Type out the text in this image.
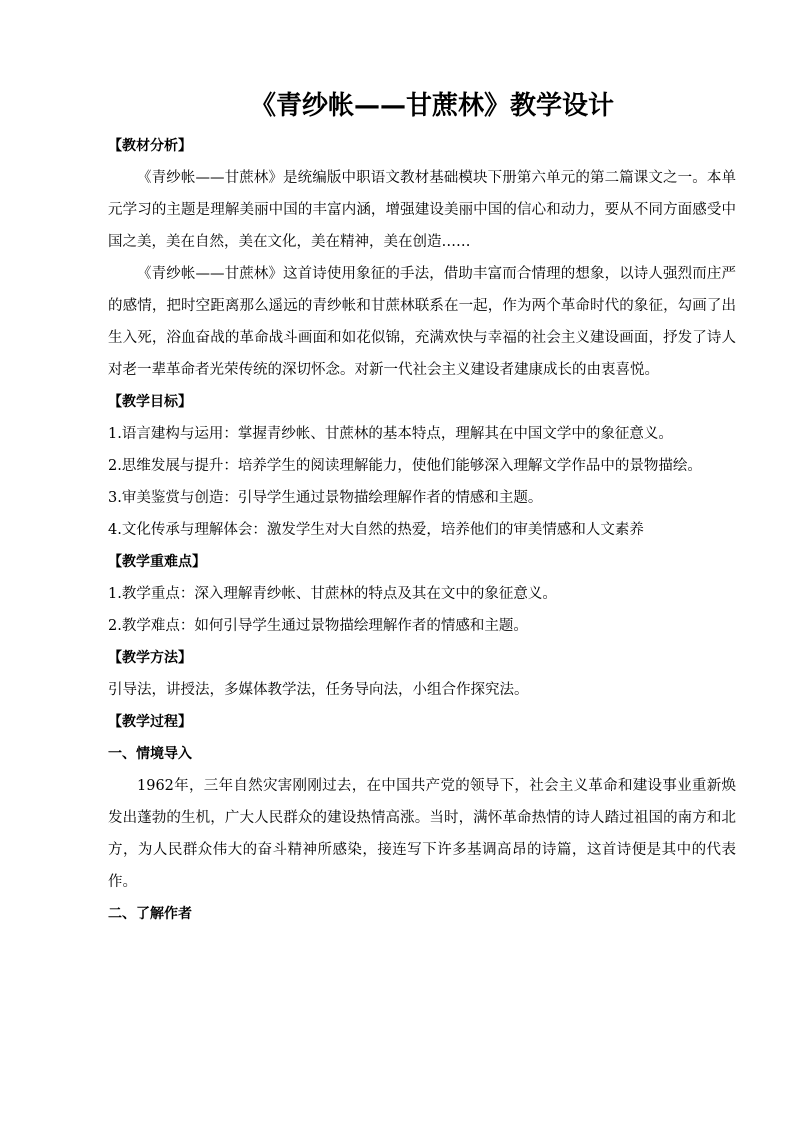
《青纱帐——甘蔗林》教学设计
【教材分析】

《青纱帐——甘蔗林》是统编版中职语文教材基础模块下册第六单元的第二篇课文之一。本单元学习的主题是理解美丽中国的丰富内涵，增强建设美丽中国的信心和动力，要从不同方面感受中国之美，美在自然，美在文化，美在精神，美在创造……

《青纱帐——甘蔗林》这首诗使用象征的手法，借助丰富而合情理的想象，以诗人强烈而庄严的感情，把时空距离那么遥远的青纱帐和甘蔗林联系在一起，作为两个革命时代的象征，勾画了出生入死，浴血奋战的革命战斗画面和如花似锦，充满欢快与幸福的社会主义建设画面，抒发了诗人对老一辈革命者光荣传统的深切怀念。对新一代社会主义建设者建康成长的由衷喜悦。

【教学目标】

1.语言建构与运用：掌握青纱帐、甘蔗林的基本特点，理解其在中国文学中的象征意义。

2.思维发展与提升：培养学生的阅读理解能力，使他们能够深入理解文学作品中的景物描绘。

3.审美鉴赏与创造：引导学生通过景物描绘理解作者的情感和主题。

4.文化传承与理解体会：激发学生对大自然的热爱，培养他们的审美情感和人文素养

【教学重难点】

1.教学重点：深入理解青纱帐、甘蔗林的特点及其在文中的象征意义。

2.教学难点：如何引导学生通过景物描绘理解作者的情感和主题。

【教学方法】

引导法，讲授法，多媒体教学法，任务导向法，小组合作探究法。

【教学过程】
一、情境导入

1962年，三年自然灾害刚刚过去，在中国共产党的领导下，社会主义革命和建设事业重新焕发出蓬勃的生机，广大人民群众的建设热情高涨。当时，满怀革命热情的诗人踏过祖国的南方和北方，为人民群众伟大的奋斗精神所感染，接连写下许多基调高昂的诗篇，这首诗便是其中的代表作。

二、了解作者
